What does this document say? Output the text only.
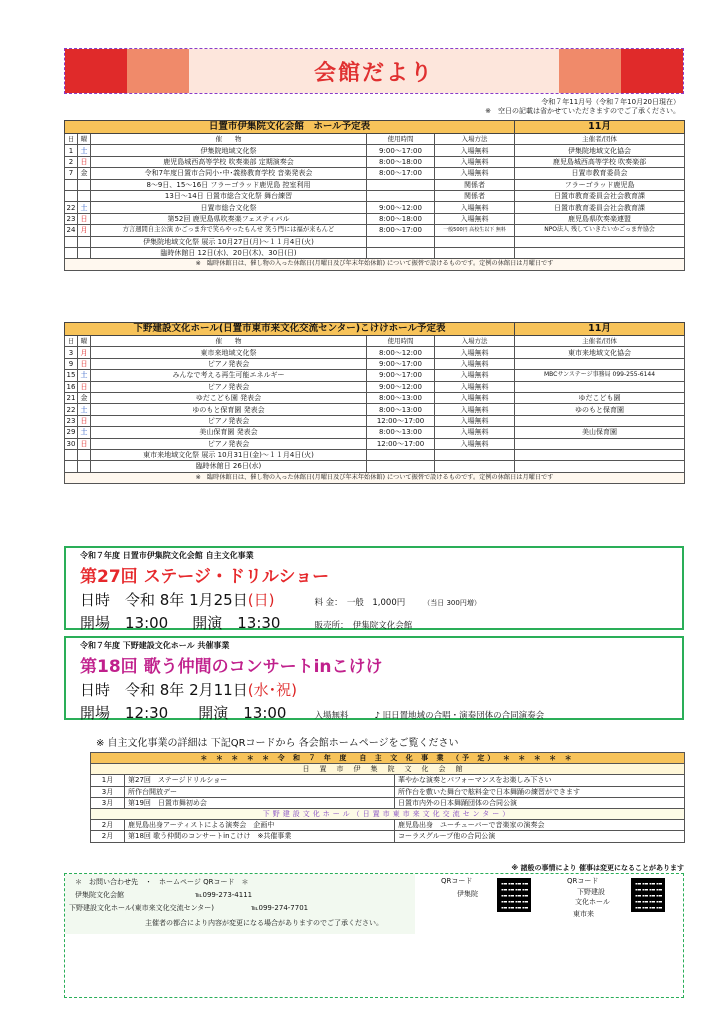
会館だより
令和７年11月号（令和７年10月20日現在）
※　空日の記載は省かせていただきますのでご了承ください。
日置市伊集院文化会館　ホール予定表					11月
日	曜	催　　物	使用時間	入場方法	主催者/団体
1	土	伊集院地域文化祭	9:00〜17:00	入場無料	伊集院地域文化協会
2	日	鹿児島城西高等学校 吹奏楽部 定期演奏会	8:00〜18:00	入場無料	鹿児島城西高等学校 吹奏楽部
7	金	令和7年度日置市合同小･中･義務教育学校 音楽発表会	8:00〜17:00	入場無料	日置市教育委員会
		8〜9日、15〜16日 フラーゴラッド鹿児島 控室利用		関係者	フラーゴラッド鹿児島
		13日〜14日 日置市総合文化祭 舞台練習		関係者	日置市教育委員会社会教育課
22	土	日置市総合文化祭	9:00〜12:00	入場無料	日置市教育委員会社会教育課
23	日	第52回 鹿児島県吹奏楽フェスティバル	8:00〜18:00	入場無料	鹿児島県吹奏楽連盟
24	月	方言週間自主公演 かごっま弁で笑らやったもんせ 笑う門には福が来もんど	8:00〜17:00	一般500円 高校生以下 無料	NPO法人 残していきたいかごっま弁協会
		伊集院地域文化祭 展示 10月27日(月)〜１１月4日(火)			
		臨時休館日 12日(水)、20日(木)、30日(日)			
※　臨時休館日は、催し物の入った休館日(月曜日及び年末年始休館) について振替で設けるものです。定例の休館日は月曜日です					
下野建設文化ホール(日置市東市来文化交流センター)こけけホール予定表					11月
日	曜	催　　物	使用時間	入場方法	主催者/団体
3	月	東市来地域文化祭	8:00〜12:00	入場無料	東市来地域文化協会
9	日	ピアノ発表会	9:00〜17:00	入場無料	
15	土	みんなで考える再生可能エネルギー	9:00〜17:00	入場無料	MBCサンステージ事務局 099-255-6144
16	日	ピアノ発表会	9:00〜12:00	入場無料	
21	金	ゆだこども園 発表会	8:00〜13:00	入場無料	ゆだこども園
22	土	ゆのもと保育園 発表会	8:00〜13:00	入場無料	ゆのもと保育園
23	日	ピアノ発表会	12:00〜17:00	入場無料	
29	土	美山保育園 発表会	8:00〜13:00	入場無料	美山保育園
30	日	ピアノ発表会	12:00〜17:00	入場無料	
		東市来地域文化祭 展示 10月31日(金)〜１１月4日(火)			
		臨時休館日 26日(水)			
※　臨時休館日は、催し物の入った休館日(月曜日及び年末年始休館) について振替で設けるものです。定例の休館日は月曜日です					
令和７年度 日置市伊集院文化会館 自主文化事業
第27回 ステージ・ドリルショー
日時　令和 8年 1月25日 (日)	料 金：　一般　1,000円	（当日 300円増）
開場　13:00 開演　13:30	販売所：　伊集院文化会館
令和７年度 下野建設文化ホール 共催事業
第18回 歌う仲間のコンサートinこけけ
日時　令和 8年 2月11日 (水･祝)
開場　12:30 開演　13:00	入場無料	♪ 旧日置地域の合唱・演奏団体の合同演奏会
※ 自主文化事業の詳細は 下記QRコードから 各会館ホームページをご覧ください
＊ ＊ ＊ ＊ ＊ 令 和 ７ 年 度　自 主 文 化 事 業 （予 定） ＊ ＊ ＊ ＊ ＊		
日置市伊集院文化会館		
1月	第27回　ステージドリルショー	華やかな演奏とパフォーマンスをお楽しみ下さい
3月	所作台開放デー	所作台を敷いた舞台で舷料金で日本舞踊の練習ができます
3月	第19回　日置市舞初め会	日置市内外の日本舞踊団体の合同公演
下野建設文化ホール（日置市東市来文化交流センター）		
2月	鹿児島出身アーティストによる演奏会　企画中	鹿児島出身　ユーチューバーで音楽家の演奏会
2月	第18回 歌う仲間のコンサートinこけけ　※共催事業	コーラスグループ他の合同公演
※ 諸般の事情により 催事は変更になることがあります
＊　お問い合わせ先　・　ホームページ QRコード　＊
伊集院文化会館	℡099-273-4111
下野建設文化ホール(東市来文化交流センター)	℡099-274-7701
主催者の都合により内容が変更になる場合がありますのでご了承ください。
QRコード
伊集院
QRコード
下野建設
文化ホール
東市来
